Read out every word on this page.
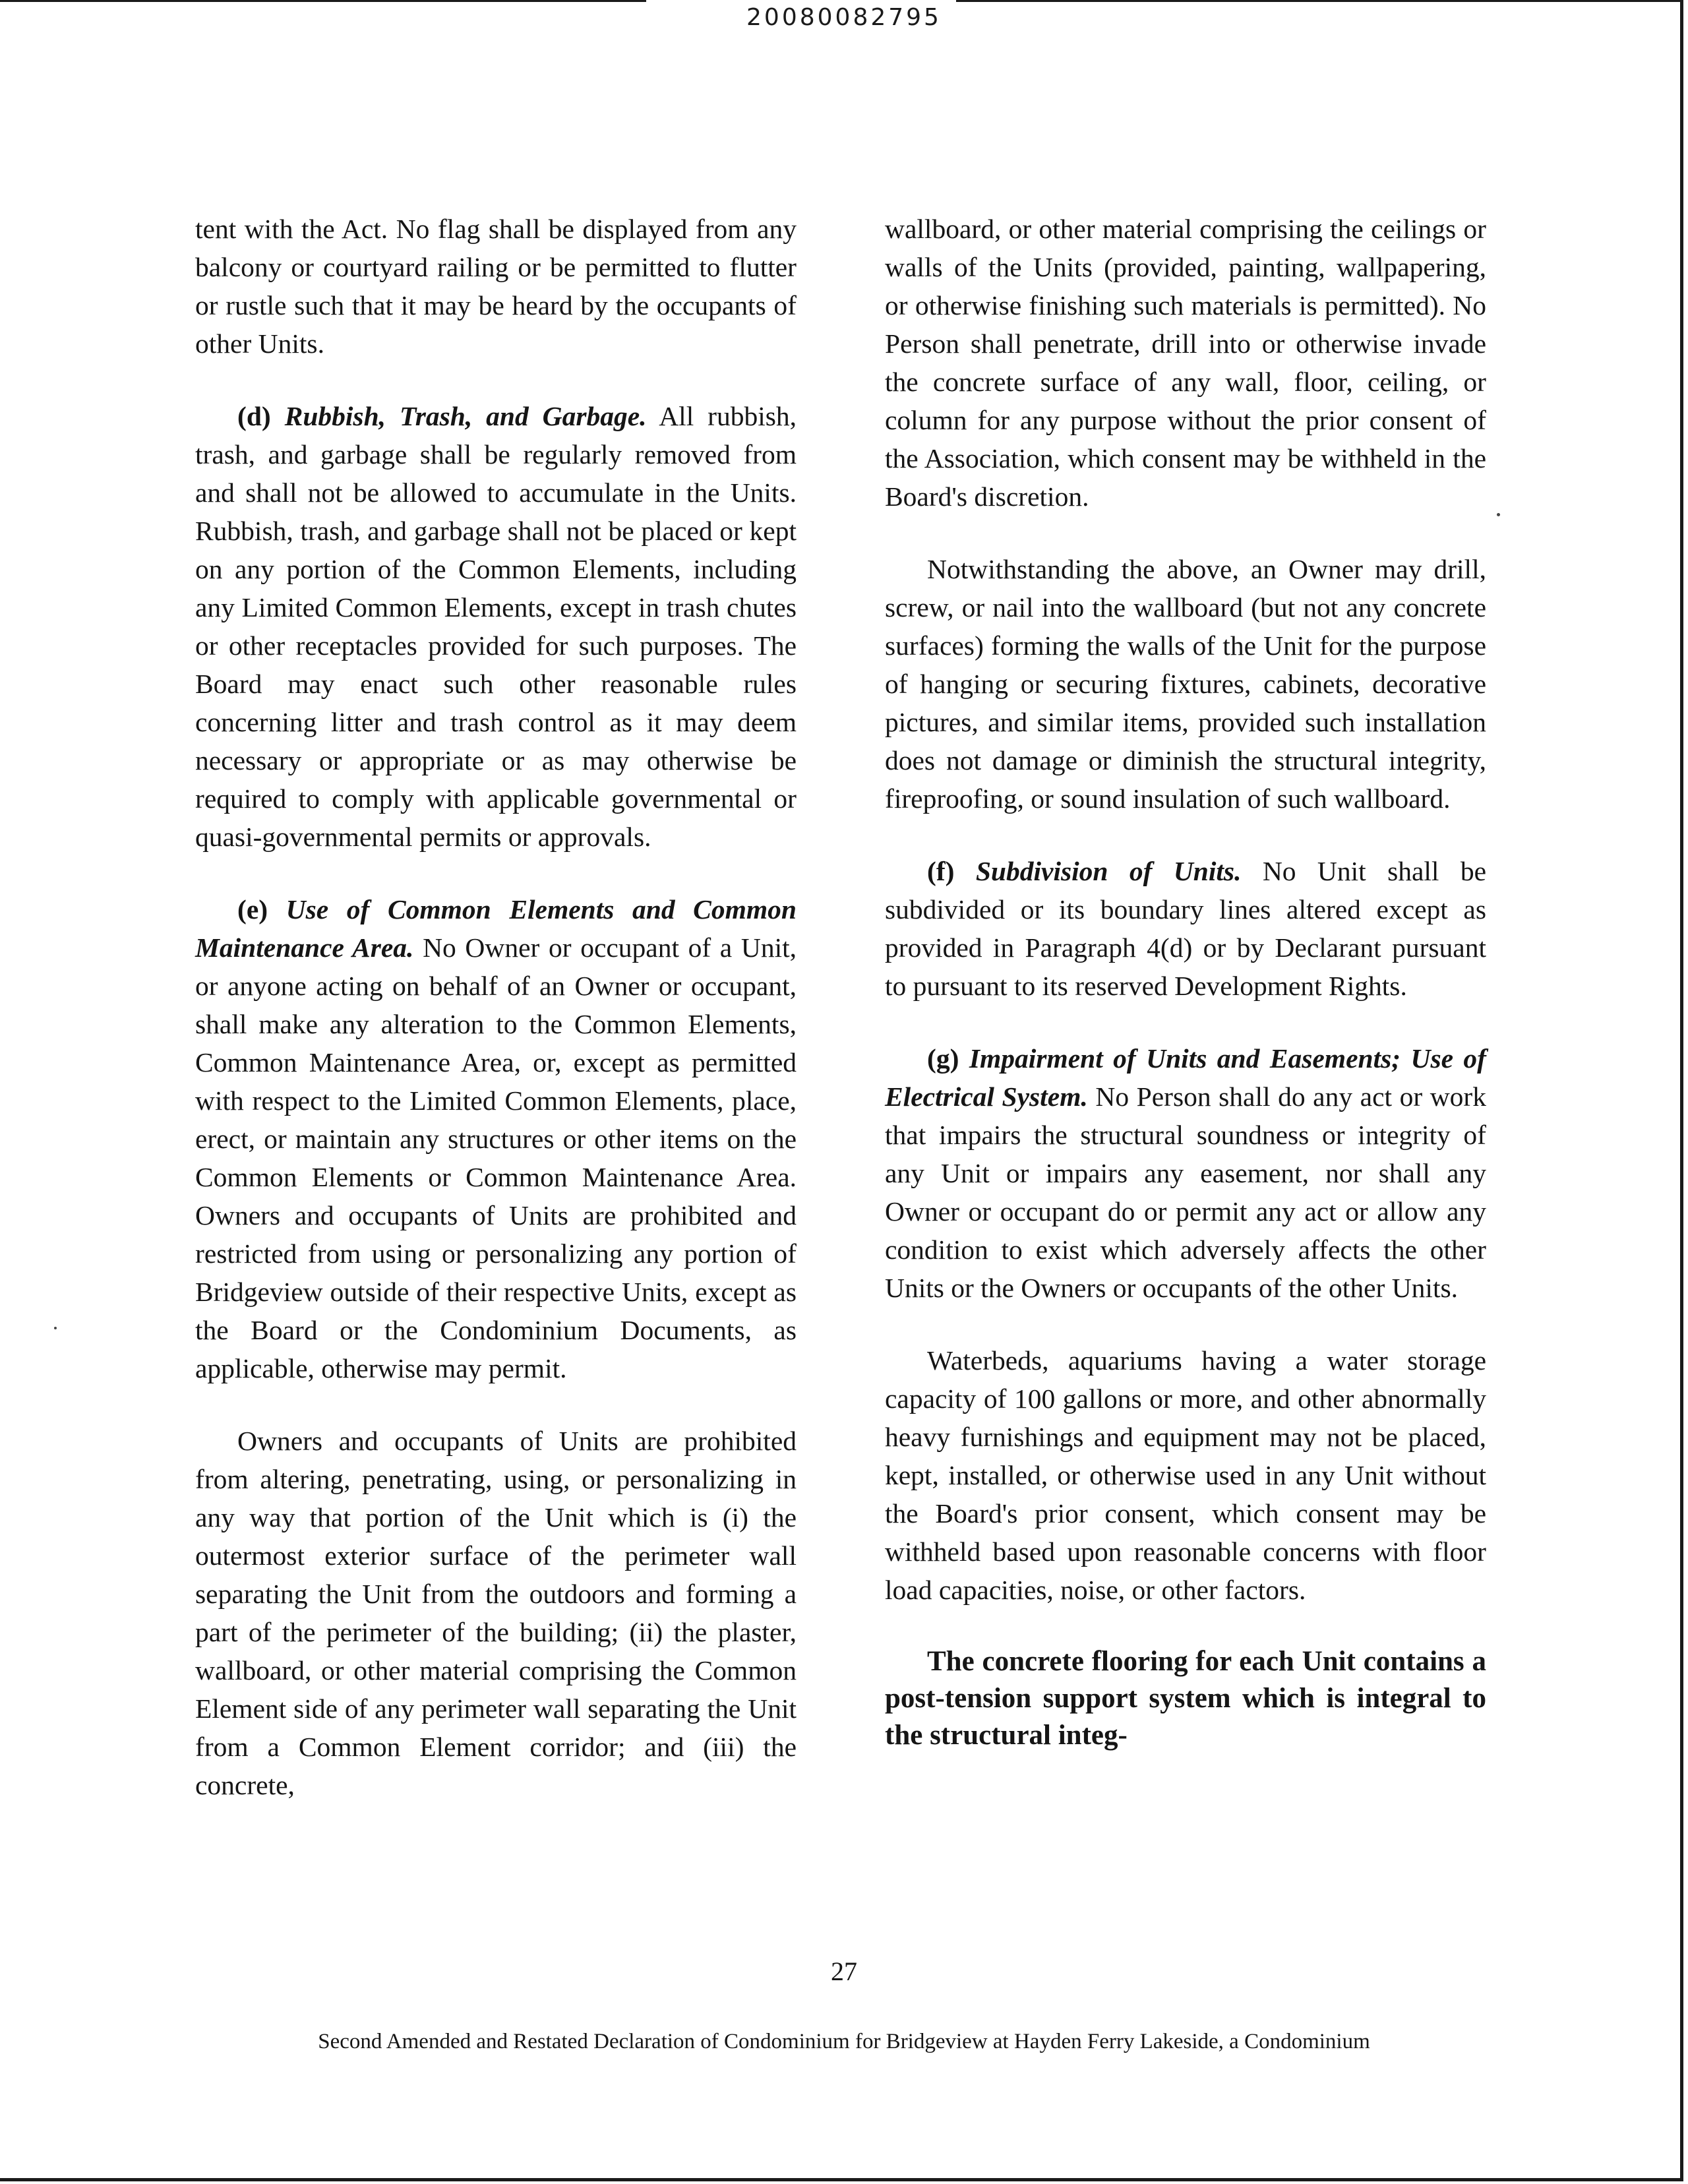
20080082795

tent with the Act. No flag shall be displayed from any balcony or courtyard railing or be permitted to flutter or rustle such that it may be heard by the occupants of other Units.

(d) Rubbish, Trash, and Garbage. All rubbish, trash, and garbage shall be regularly removed from and shall not be allowed to accumulate in the Units. Rubbish, trash, and garbage shall not be placed or kept on any portion of the Common Elements, including any Limited Common Elements, except in trash chutes or other receptacles provided for such purposes. The Board may enact such other reasonable rules concerning litter and trash control as it may deem necessary or appropriate or as may otherwise be required to comply with applicable governmental or quasi-governmental permits or approvals.

(e) Use of Common Elements and Common Maintenance Area. No Owner or occupant of a Unit, or anyone acting on behalf of an Owner or occupant, shall make any alteration to the Common Elements, Common Maintenance Area, or, except as permitted with respect to the Limited Common Elements, place, erect, or maintain any structures or other items on the Common Elements or Common Maintenance Area. Owners and occupants of Units are prohibited and restricted from using or personalizing any portion of Bridgeview outside of their respective Units, except as the Board or the Condominium Documents, as applicable, otherwise may permit.

Owners and occupants of Units are prohibited from altering, penetrating, using, or personalizing in any way that portion of the Unit which is (i) the outermost exterior surface of the perimeter wall separating the Unit from the outdoors and forming a part of the perimeter of the building; (ii) the plaster, wallboard, or other material comprising the Common Element side of any perimeter wall separating the Unit from a Common Element corridor; and (iii) the concrete,

wallboard, or other material comprising the ceilings or walls of the Units (provided, painting, wallpapering, or otherwise finishing such materials is permitted). No Person shall penetrate, drill into or otherwise invade the concrete surface of any wall, floor, ceiling, or column for any purpose without the prior consent of the Association, which consent may be withheld in the Board's discretion.

Notwithstanding the above, an Owner may drill, screw, or nail into the wallboard (but not any concrete surfaces) forming the walls of the Unit for the purpose of hanging or securing fixtures, cabinets, decorative pictures, and similar items, provided such installation does not damage or diminish the structural integrity, fireproofing, or sound insulation of such wallboard.

(f) Subdivision of Units. No Unit shall be subdivided or its boundary lines altered except as provided in Paragraph 4(d) or by Declarant pursuant to pursuant to its reserved Development Rights.

(g) Impairment of Units and Easements; Use of Electrical System. No Person shall do any act or work that impairs the structural soundness or integrity of any Unit or impairs any easement, nor shall any Owner or occupant do or permit any act or allow any condition to exist which adversely affects the other Units or the Owners or occupants of the other Units.

Waterbeds, aquariums having a water storage capacity of 100 gallons or more, and other abnormally heavy furnishings and equipment may not be placed, kept, installed, or otherwise used in any Unit without the Board's prior consent, which consent may be withheld based upon reasonable concerns with floor load capacities, noise, or other factors.

The concrete flooring for each Unit contains a post-tension support system which is integral to the structural integ-

27
Second Amended and Restated Declaration of Condominium for Bridgeview at Hayden Ferry Lakeside, a Condominium
